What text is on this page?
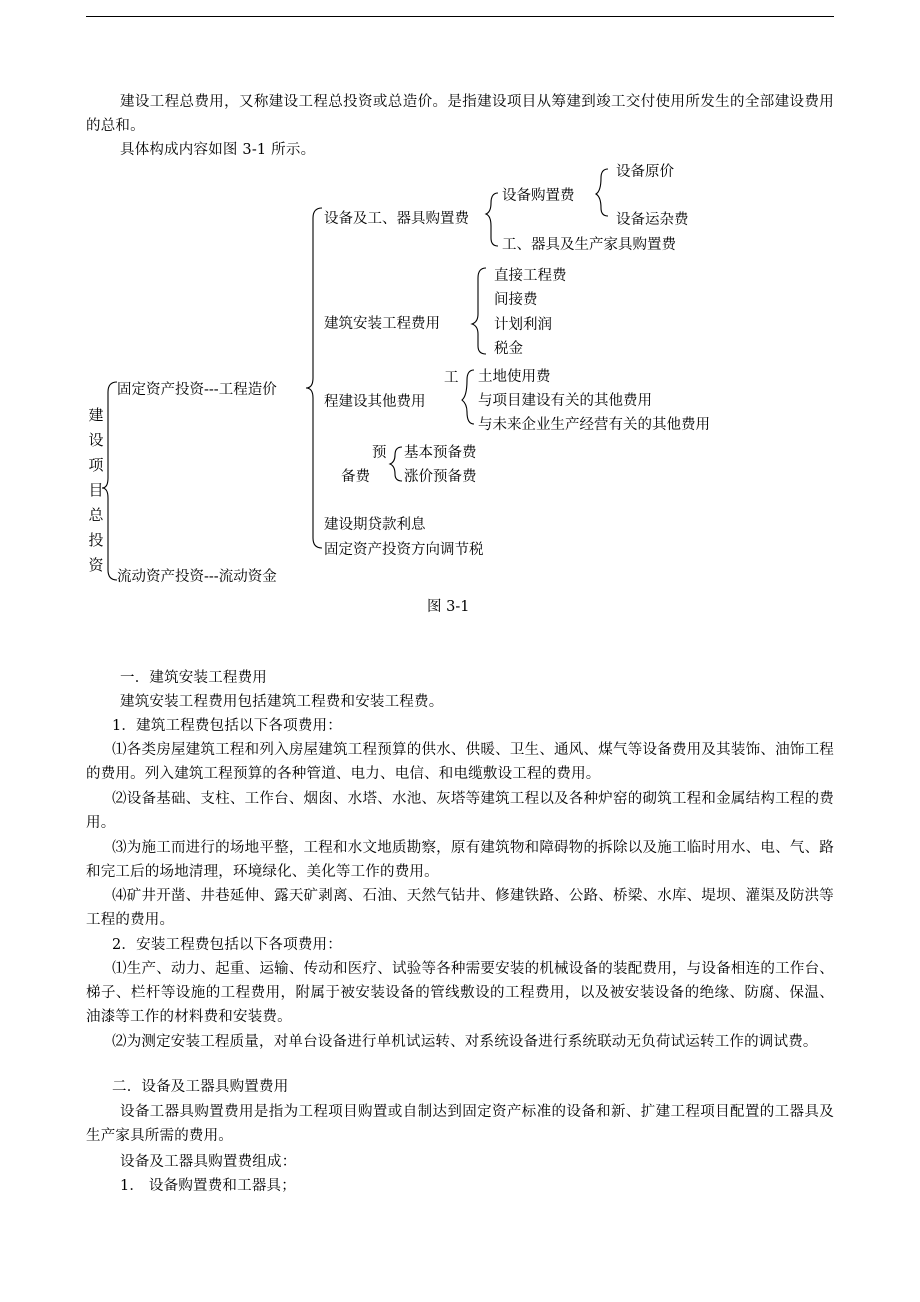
建设工程总费用，又称建设工程总投资或总造价。是指建设项目从筹建到竣工交付使用所发生的全部建设费用的总和。
具体构成内容如图 3-1 所示。
建设项目总投资
固定资产投资---工程造价
流动资产投资---流动资金
设备及工、器具购置费
设备购置费
设备原价
设备运杂费
工、器具及生产家具购置费
建筑安装工程费用
直接工程费
间接费
计划利润
税金
工
程建设其他费用
土地使用费
与项目建设有关的其他费用
与未来企业生产经营有关的其他费用
预
备费
基本预备费
涨价预备费
建设期贷款利息
固定资产投资方向调节税
图 3-1
一．建筑安装工程费用
建筑安装工程费用包括建筑工程费和安装工程费。
1．建筑工程费包括以下各项费用：
⑴各类房屋建筑工程和列入房屋建筑工程预算的供水、供暖、卫生、通风、煤气等设备费用及其装饰、油饰工程的费用。列入建筑工程预算的各种管道、电力、电信、和电缆敷设工程的费用。
⑵设备基础、支柱、工作台、烟囱、水塔、水池、灰塔等建筑工程以及各种炉窑的砌筑工程和金属结构工程的费用。
⑶为施工而进行的场地平整，工程和水文地质勘察，原有建筑物和障碍物的拆除以及施工临时用水、电、气、路和完工后的场地清理，环境绿化、美化等工作的费用。
⑷矿井开凿、井巷延伸、露天矿剥离、石油、天然气钻井、修建铁路、公路、桥梁、水库、堤坝、灌渠及防洪等工程的费用。
2．安装工程费包括以下各项费用：
⑴生产、动力、起重、运输、传动和医疗、试验等各种需要安装的机械设备的装配费用，与设备相连的工作台、梯子、栏杆等设施的工程费用，附属于被安装设备的管线敷设的工程费用，以及被安装设备的绝缘、防腐、保温、油漆等工作的材料费和安装费。
⑵为测定安装工程质量，对单台设备进行单机试运转、对系统设备进行系统联动无负荷试运转工作的调试费。
二．设备及工器具购置费用
设备工器具购置费用是指为工程项目购置或自制达到固定资产标准的设备和新、扩建工程项目配置的工器具及生产家具所需的费用。
设备及工器具购置费组成：
1． 设备购置费和工器具；
